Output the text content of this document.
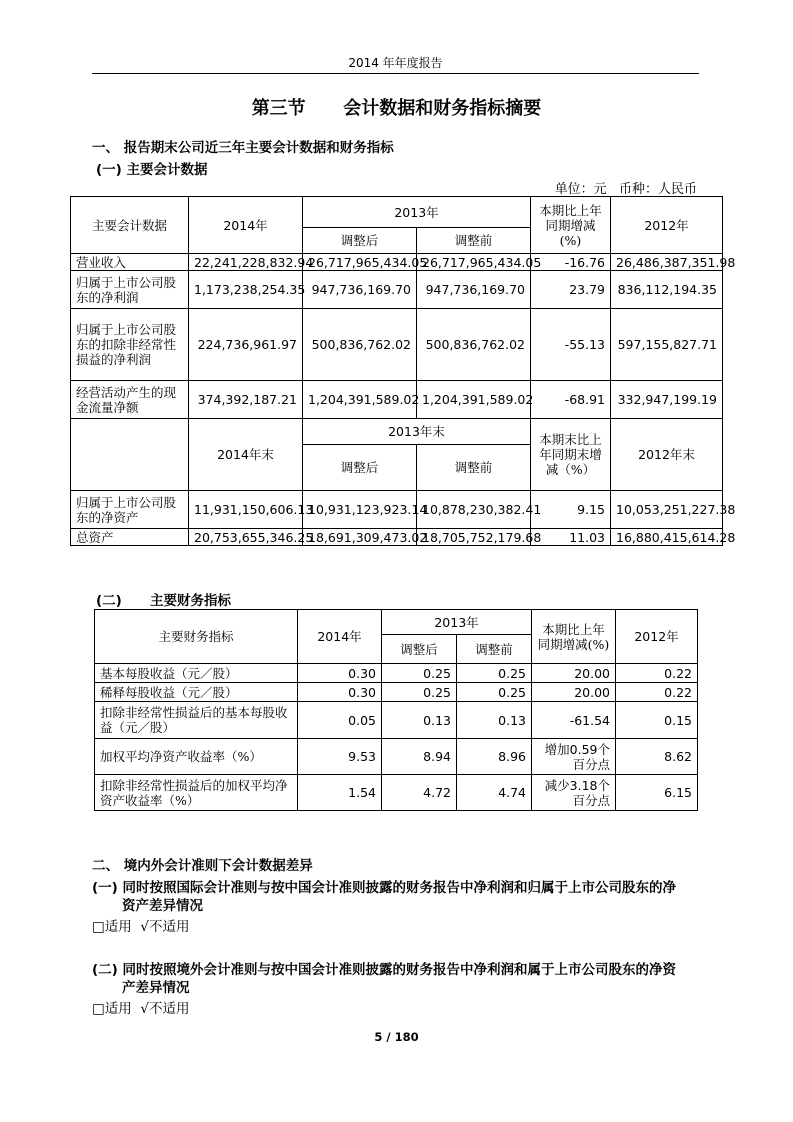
2014 年年度报告
第三节      会计数据和财务指标摘要
一、 报告期末公司近三年主要会计数据和财务指标
(一) 主要会计数据
单位：元   币种：人民币
主要会计数据	2014年	2013年		本期比上年同期增减(%)	2012年
		调整后	调整前		
营业收入	22,241,228,832.94	26,717,965,434.05	26,717,965,434.05	-16.76	26,486,387,351.98
归属于上市公司股东的净利润	1,173,238,254.35	947,736,169.70	947,736,169.70	23.79	836,112,194.35
归属于上市公司股东的扣除非经常性损益的净利润	224,736,961.97	500,836,762.02	500,836,762.02	-55.13	597,155,827.71
经营活动产生的现金流量净额	374,392,187.21	1,204,391,589.02	1,204,391,589.02	-68.91	332,947,199.19
	2014年末	2013年末		本期末比上年同期末增减（%）	2012年末
		调整后	调整前		
归属于上市公司股东的净资产	11,931,150,606.13	10,931,123,923.14	10,878,230,382.41	9.15	10,053,251,227.38
总资产	20,753,655,346.25	18,691,309,473.02	18,705,752,179.68	11.03	16,880,415,614.28
(二)      主要财务指标
主要财务指标	2014年	2013年		本期比上年同期增减(%)	2012年
		调整后	调整前		
基本每股收益（元／股）	0.30	0.25	0.25	20.00	0.22
稀释每股收益（元／股）	0.30	0.25	0.25	20.00	0.22
扣除非经常性损益后的基本每股收益（元／股）	0.05	0.13	0.13	-61.54	0.15
加权平均净资产收益率（%）	9.53	8.94	8.96	增加0.59个百分点	8.62
扣除非经常性损益后的加权平均净资产收益率（%）	1.54	4.72	4.74	减少3.18个百分点	6.15
二、 境内外会计准则下会计数据差异
(一) 同时按照国际会计准则与按中国会计准则披露的财务报告中净利润和归属于上市公司股东的净
资产差异情况
□适用  √不适用
(二) 同时按照境外会计准则与按中国会计准则披露的财务报告中净利润和属于上市公司股东的净资
产差异情况
□适用  √不适用
5 / 180
